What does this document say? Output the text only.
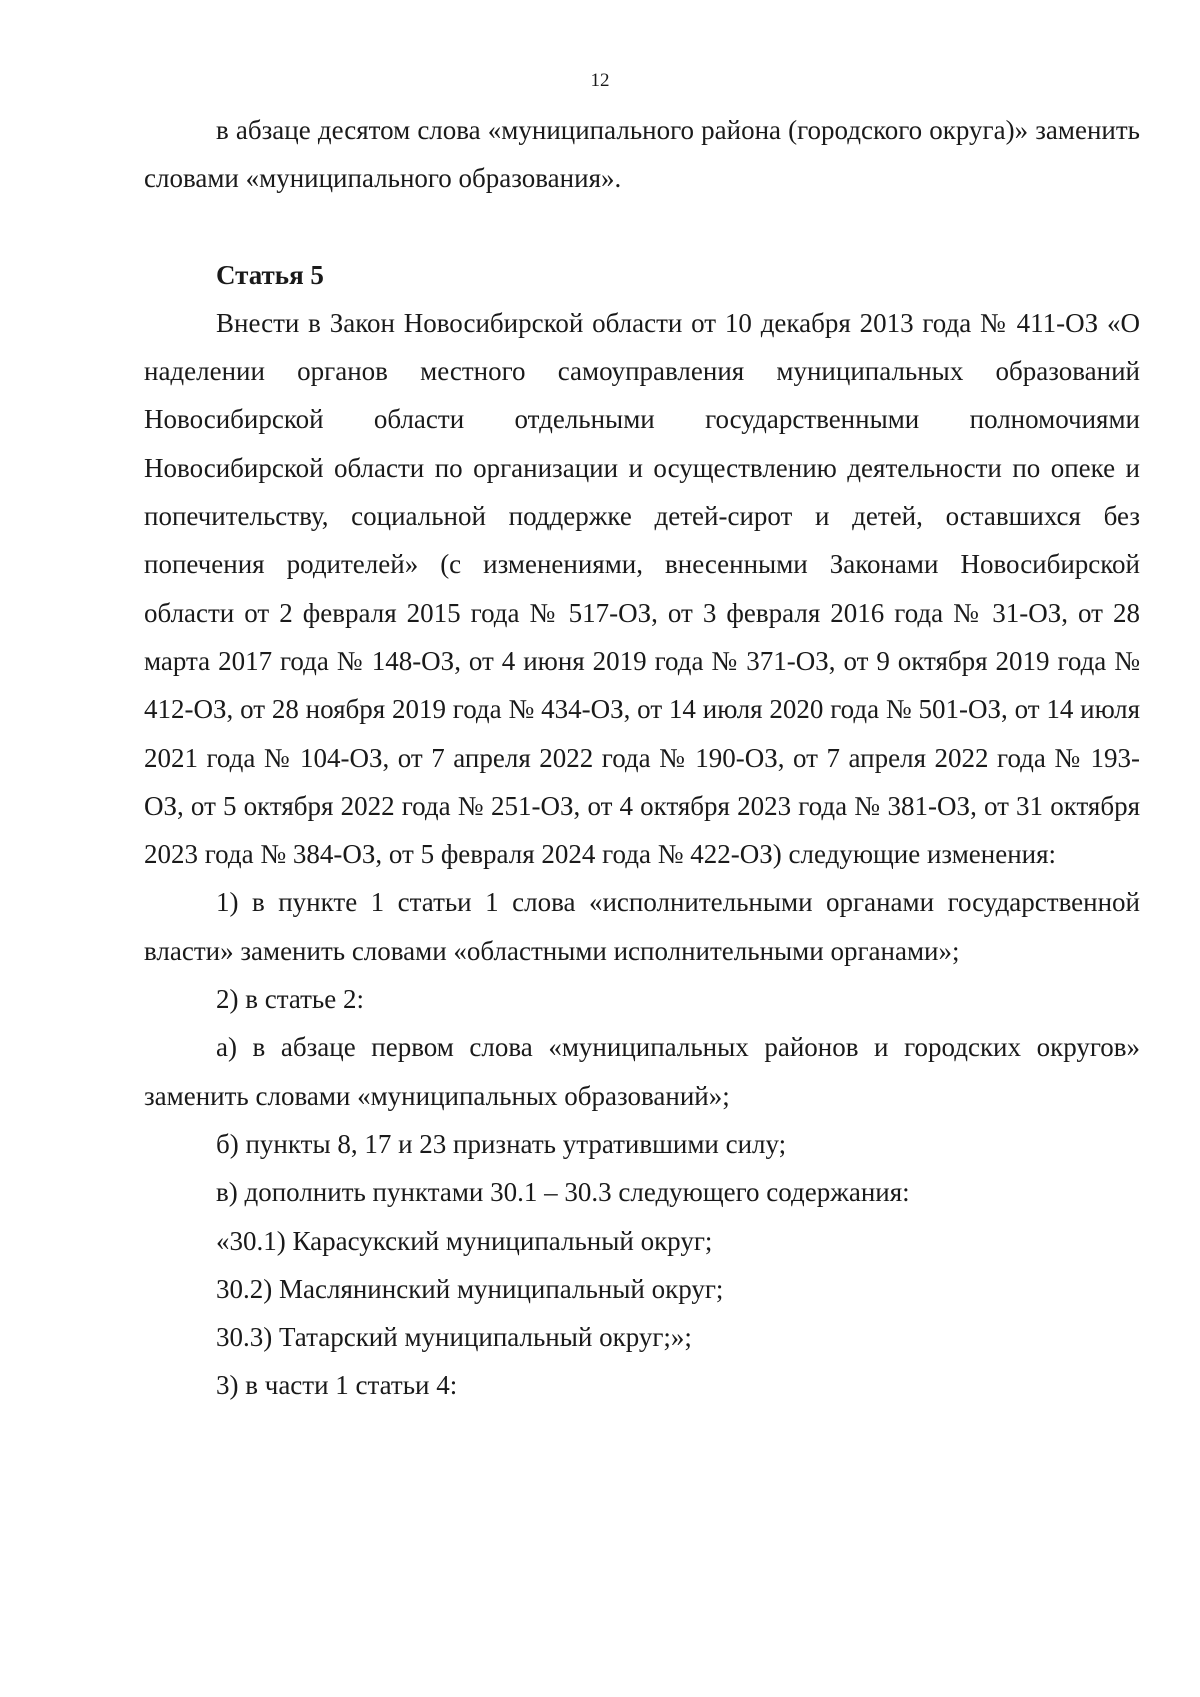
12

в абзаце десятом слова «муниципального района (городского округа)» заменить словами «муниципального образования».

Статья 5

Внести в Закон Новосибирской области от 10 декабря 2013 года № 411-ОЗ «О наделении органов местного самоуправления муниципальных образований Новосибирской области отдельными государственными полномочиями Новосибирской области по организации и осуществлению деятельности по опеке и попечительству, социальной поддержке детей-сирот и детей, оставшихся без попечения родителей» (с изменениями, внесенными Законами Новосибирской области от 2 февраля 2015 года № 517-ОЗ, от 3 февраля 2016 года № 31-ОЗ, от 28 марта 2017 года № 148-ОЗ, от 4 июня 2019 года № 371-ОЗ, от 9 октября 2019 года № 412-ОЗ, от 28 ноября 2019 года № 434-ОЗ, от 14 июля 2020 года № 501-ОЗ, от 14 июля 2021 года № 104-ОЗ, от 7 апреля 2022 года № 190-ОЗ, от 7 апреля 2022 года № 193-ОЗ, от 5 октября 2022 года № 251-ОЗ, от 4 октября 2023 года № 381-ОЗ, от 31 октября 2023 года № 384-ОЗ, от 5 февраля 2024 года № 422-ОЗ) следующие изменения:

1) в пункте 1 статьи 1 слова «исполнительными органами государственной власти» заменить словами «областными исполнительными органами»;

2) в статье 2:

а) в абзаце первом слова «муниципальных районов и городских округов» заменить словами «муниципальных образований»;

б) пункты 8, 17 и 23 признать утратившими силу;

в) дополнить пунктами 30.1 – 30.3 следующего содержания:

«30.1) Карасукский муниципальный округ;

30.2) Маслянинский муниципальный округ;

30.3) Татарский муниципальный округ;»;

3) в части 1 статьи 4:
